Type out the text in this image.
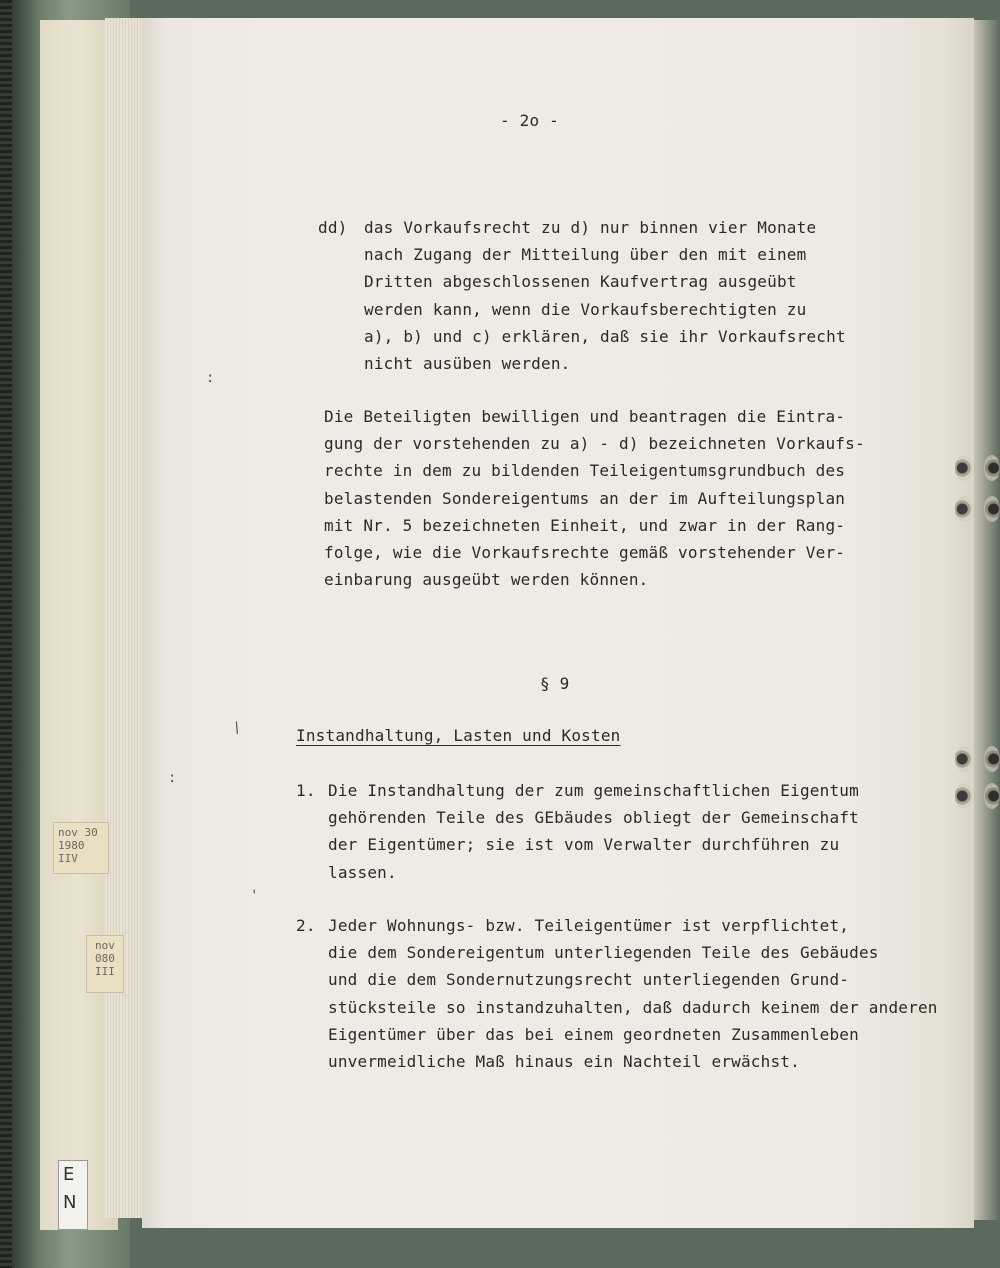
nov 30
1980
IIV
nov
080
III
E
N
:
/
:
'
- 2o -
dd) das Vorkaufsrecht zu d) nur binnen vier Monate
nach Zugang der Mitteilung über den mit einem
Dritten abgeschlossenen Kaufvertrag ausgeübt
werden kann, wenn die Vorkaufsberechtigten zu
a), b) und c) erklären, daß sie ihr Vorkaufsrecht
nicht ausüben werden.
Die Beteiligten bewilligen und beantragen die Eintra-
gung der vorstehenden zu a) - d) bezeichneten Vorkaufs-
rechte in dem zu bildenden Teileigentumsgrundbuch des
belastenden Sondereigentums an der im Aufteilungsplan
mit Nr. 5 bezeichneten Einheit, und zwar in der Rang-
folge, wie die Vorkaufsrechte gemäß vorstehender Ver-
einbarung ausgeübt werden können.
§ 9
Instandhaltung, Lasten und Kosten
1. Die Instandhaltung der zum gemeinschaftlichen Eigentum
gehörenden Teile des GEbäudes obliegt der Gemeinschaft
der Eigentümer; sie ist vom Verwalter durchführen zu
lassen.
2. Jeder Wohnungs- bzw. Teileigentümer ist verpflichtet,
die dem Sondereigentum unterliegenden Teile des Gebäudes
und die dem Sondernutzungsrecht unterliegenden Grund-
stücksteile so instandzuhalten, daß dadurch keinem der anderen
Eigentümer über das bei einem geordneten Zusammenleben
unvermeidliche Maß hinaus ein Nachteil erwächst.
